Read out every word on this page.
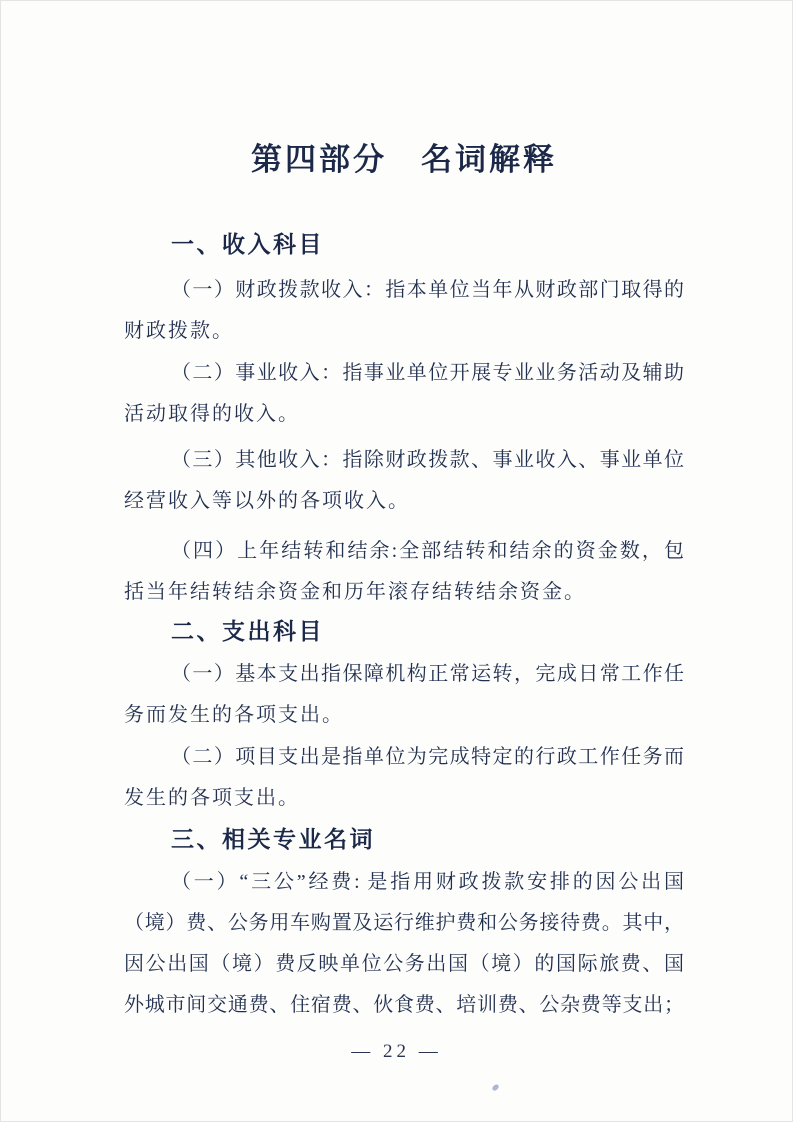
第四部分　名词解释
一、收入科目
（一）财政拨款收入：指本单位当年从财政部门取得的
财政拨款。
（二）事业收入：指事业单位开展专业业务活动及辅助
活动取得的收入。
（三）其他收入：指除财政拨款、事业收入、事业单位
经营收入等以外的各项收入。
（四）上年结转和结余:全部结转和结余的资金数，包
括当年结转结余资金和历年滚存结转结余资金。
二、支出科目
（一）基本支出指保障机构正常运转，完成日常工作任
务而发生的各项支出。
（二）项目支出是指单位为完成特定的行政工作任务而
发生的各项支出。
三、相关专业名词
（一）“三公”经费: 是指用财政拨款安排的因公出国
（境）费、公务用车购置及运行维护费和公务接待费。其中，
因公出国（境）费反映单位公务出国（境）的国际旅费、国
外城市间交通费、住宿费、伙食费、培训费、公杂费等支出；
— 22 —
